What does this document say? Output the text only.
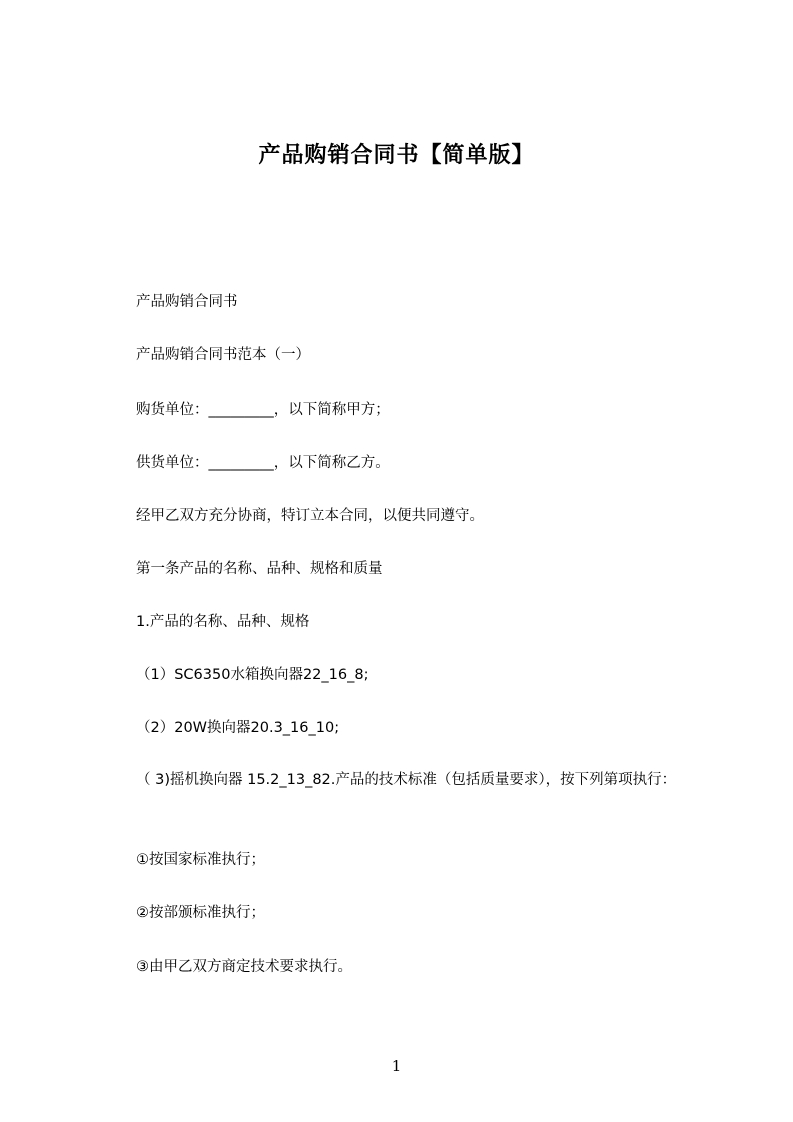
产品购销合同书【简单版】
产品购销合同书
产品购销合同书范本（一）
购货单位：_________，以下简称甲方；
供货单位：_________，以下简称乙方。
经甲乙双方充分协商，特订立本合同，以便共同遵守。
第一条产品的名称、品种、规格和质量
1.产品的名称、品种、规格
（1）SC6350水箱换向器22_16_8;
（2）20W换向器20.3_16_10;
（ 3)摇机换向器 15.2_13_82.产品的技术标准（包括质量要求），按下列第项执行：
①按国家标准执行；
②按部颁标准执行；
③由甲乙双方商定技术要求执行。
1
